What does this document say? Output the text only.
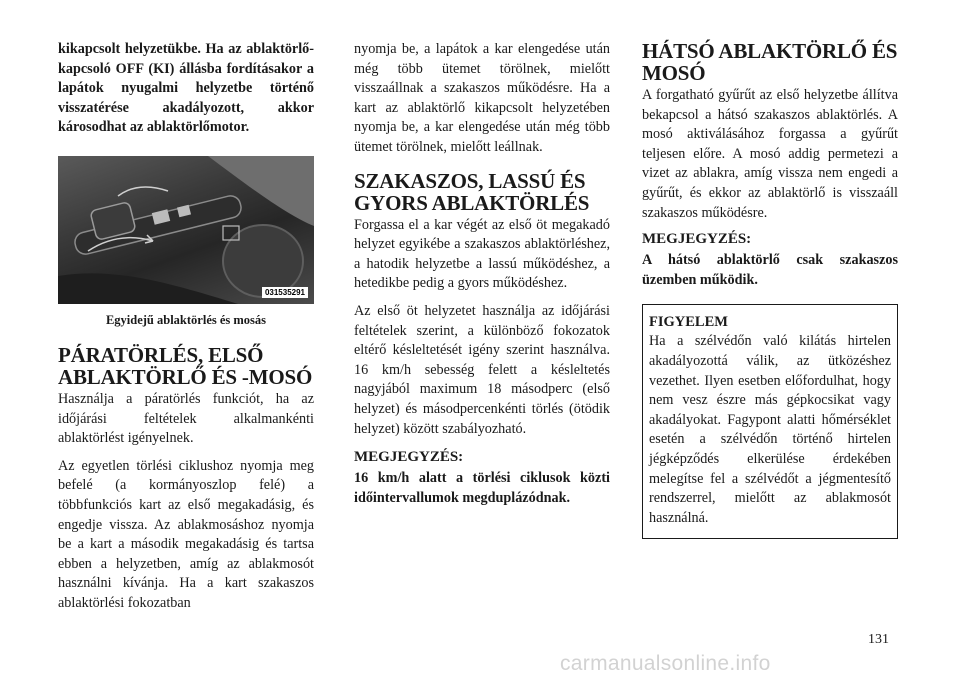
kikapcsolt helyzetükbe. Ha az ablaktörlő-kapcsoló OFF (KI) állásba fordításakor a lapátok nyugalmi helyzetbe történő visszatérése akadályozott, akkor károsodhat az ablaktörlőmotor.

031535291
Egyidejű ablaktörlés és mosás
PÁRATÖRLÉS, ELSŐ ABLAKTÖRLŐ ÉS -MOSÓ

Használja a páratörlés funkciót, ha az időjárási feltételek alkalmankénti ablaktörlést igényelnek.

Az egyetlen törlési ciklushoz nyomja meg befelé (a kormányoszlop felé) a többfunkciós kart az első megakadásig, és engedje vissza. Az ablakmosáshoz nyomja be a kart a második megakadásig és tartsa ebben a helyzetben, amíg az ablakmosót használni kívánja. Ha a kart szakaszos ablaktörlési fokozatban

nyomja be, a lapátok a kar elengedése után még több ütemet törölnek, mielőtt visszaállnak a szakaszos működésre. Ha a kart az ablaktörlő kikapcsolt helyzetében nyomja be, a kar elengedése után még több ütemet törölnek, mielőtt leállnak.

SZAKASZOS, LASSÚ ÉS GYORS ABLAKTÖRLÉS

Forgassa el a kar végét az első öt megakadó helyzet egyikébe a szakaszos ablaktörléshez, a hatodik helyzetbe a lassú működéshez, a hetedikbe pedig a gyors működéshez.

Az első öt helyzetet használja az időjárási feltételek szerint, a különböző fokozatok eltérő késleltetését igény szerint használva. 16 km/h sebesség felett a késleltetés nagyjából maximum 18 másodperc (első helyzet) és másodpercenkénti törlés (ötödik helyzet) között szabályozható.

MEGJEGYZÉS:

16 km/h alatt a törlési ciklusok közti időintervallumok megduplázódnak.

HÁTSÓ ABLAKTÖRLŐ ÉS MOSÓ

A forgatható gyűrűt az első helyzetbe állítva bekapcsol a hátsó szakaszos ablaktörlés. A mosó aktiválásához forgassa a gyűrűt teljesen előre. A mosó addig permetezi a vizet az ablakra, amíg vissza nem engedi a gyűrűt, és ekkor az ablaktörlő is visszaáll szakaszos működésre.

MEGJEGYZÉS:

A hátsó ablaktörlő csak szakaszos üzemben működik.

FIGYELEM

Ha a szélvédőn való kilátás hirtelen akadályozottá válik, az ütközéshez vezethet. Ilyen esetben előfordulhat, hogy nem vesz észre más gépkocsikat vagy akadályokat. Fagypont alatti hőmérséklet esetén a szélvédőn történő hirtelen jégképződés elkerülése érdekében melegítse fel a szélvédőt a jégmentesítő rendszerrel, mielőtt az ablakmosót használná.

131
carmanualsonline.info
